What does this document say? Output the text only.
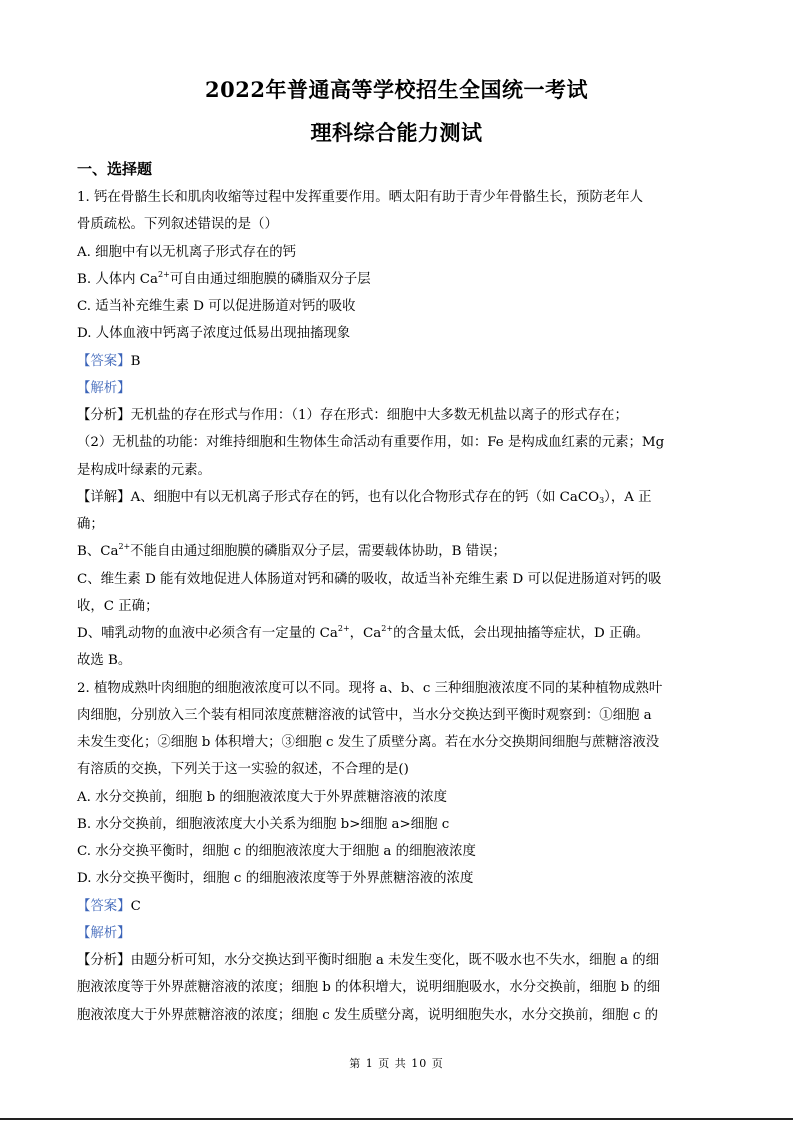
2022年普通高等学校招生全国统一考试
理科综合能力测试
一、选择题
1. 钙在骨骼生长和肌肉收缩等过程中发挥重要作用。晒太阳有助于青少年骨骼生长，预防老年人
骨质疏松。下列叙述错误的是（）
A. 细胞中有以无机离子形式存在的钙
B. 人体内 $Ca^{2+}$可自由通过细胞膜的磷脂双分子层
C. 适当补充维生素 D 可以促进肠道对钙的吸收
D. 人体血液中钙离子浓度过低易出现抽搐现象
【答案】B
【解析】
【分析】无机盐的存在形式与作用：（1）存在形式：细胞中大多数无机盐以离子的形式存在；
（2）无机盐的功能：对维持细胞和生物体生命活动有重要作用，如：Fe 是构成血红素的元素；Mg
是构成叶绿素的元素。
【详解】A、细胞中有以无机离子形式存在的钙，也有以化合物形式存在的钙（如 CaCO$_3$），A 正
确；
B、$Ca^{2+}$不能自由通过细胞膜的磷脂双分子层，需要载体协助，B 错误；
C、维生素 D 能有效地促进人体肠道对钙和磷的吸收，故适当补充维生素 D 可以促进肠道对钙的吸
收，C 正确；
D、哺乳动物的血液中必须含有一定量的 $Ca^{2+}$，$Ca^{2+}$的含量太低，会出现抽搐等症状，D 正确。
故选 B。
2. 植物成熟叶肉细胞的细胞液浓度可以不同。现将 a、b、c 三种细胞液浓度不同的某种植物成熟叶
肉细胞，分别放入三个装有相同浓度蔗糖溶液的试管中，当水分交换达到平衡时观察到：①细胞 a
未发生变化；②细胞 b 体积增大；③细胞 c 发生了质壁分离。若在水分交换期间细胞与蔗糖溶液没
有溶质的交换，下列关于这一实验的叙述，不合理的是()
A. 水分交换前，细胞 b 的细胞液浓度大于外界蔗糖溶液的浓度
B. 水分交换前，细胞液浓度大小关系为细胞 b>细胞 a>细胞 c
C. 水分交换平衡时，细胞 c 的细胞液浓度大于细胞 a 的细胞液浓度
D. 水分交换平衡时，细胞 c 的细胞液浓度等于外界蔗糖溶液的浓度
【答案】C
【解析】
【分析】由题分析可知，水分交换达到平衡时细胞 a 未发生变化，既不吸水也不失水，细胞 a 的细
胞液浓度等于外界蔗糖溶液的浓度；细胞 b 的体积增大，说明细胞吸水，水分交换前，细胞 b 的细
胞液浓度大于外界蔗糖溶液的浓度；细胞 c 发生质壁分离，说明细胞失水，水分交换前，细胞 c 的
第 1 页 共 10 页
